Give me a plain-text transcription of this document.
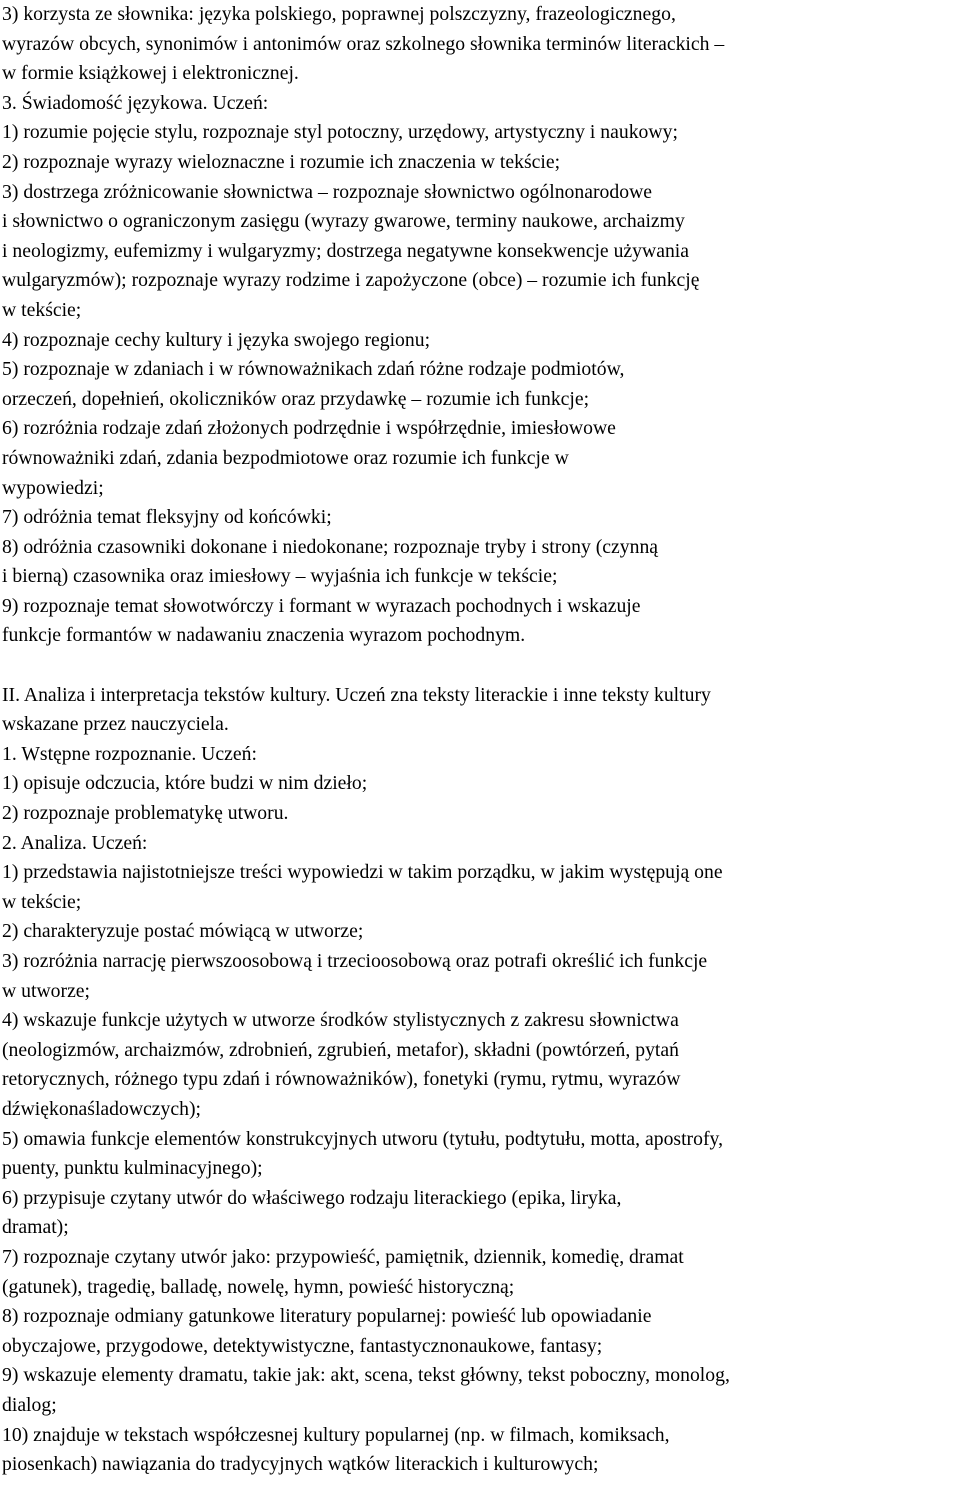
3) korzysta ze słownika: języka polskiego, poprawnej polszczyzny, frazeologicznego,
wyrazów obcych, synonimów i antonimów oraz szkolnego słownika terminów literackich –
w formie książkowej i elektronicznej.
3. Świadomość językowa. Uczeń:
1) rozumie pojęcie stylu, rozpoznaje styl potoczny, urzędowy, artystyczny i naukowy;
2) rozpoznaje wyrazy wieloznaczne i rozumie ich znaczenia w tekście;
3) dostrzega zróżnicowanie słownictwa – rozpoznaje słownictwo ogólnonarodowe
i słownictwo o ograniczonym zasięgu (wyrazy gwarowe, terminy naukowe, archaizmy
i neologizmy, eufemizmy i wulgaryzmy; dostrzega negatywne konsekwencje używania
wulgaryzmów); rozpoznaje wyrazy rodzime i zapożyczone (obce) – rozumie ich funkcję
w tekście;
4) rozpoznaje cechy kultury i języka swojego regionu;
5) rozpoznaje w zdaniach i w równoważnikach zdań różne rodzaje podmiotów,
orzeczeń, dopełnień, okoliczników oraz przydawkę – rozumie ich funkcje;
6) rozróżnia rodzaje zdań złożonych podrzędnie i współrzędnie, imiesłowowe
równoważniki zdań, zdania bezpodmiotowe oraz rozumie ich funkcje w
wypowiedzi;
7) odróżnia temat fleksyjny od końcówki;
8) odróżnia czasowniki dokonane i niedokonane; rozpoznaje tryby i strony (czynną
i bierną) czasownika oraz imiesłowy – wyjaśnia ich funkcje w tekście;
9) rozpoznaje temat słowotwórczy i formant w wyrazach pochodnych i wskazuje
funkcje formantów w nadawaniu znaczenia wyrazom pochodnym.
II. Analiza i interpretacja tekstów kultury. Uczeń zna teksty literackie i inne teksty kultury
wskazane przez nauczyciela.
1. Wstępne rozpoznanie. Uczeń:
1) opisuje odczucia, które budzi w nim dzieło;
2) rozpoznaje problematykę utworu.
2. Analiza. Uczeń:
1) przedstawia najistotniejsze treści wypowiedzi w takim porządku, w jakim występują one
w tekście;
2) charakteryzuje postać mówiącą w utworze;
3) rozróżnia narrację pierwszoosobową i trzecioosobową oraz potrafi określić ich funkcje
w utworze;
4) wskazuje funkcje użytych w utworze środków stylistycznych z zakresu słownictwa
(neologizmów, archaizmów, zdrobnień, zgrubień, metafor), składni (powtórzeń, pytań
retorycznych, różnego typu zdań i równoważników), fonetyki (rymu, rytmu, wyrazów
dźwiękonaśladowczych);
5) omawia funkcje elementów konstrukcyjnych utworu (tytułu, podtytułu, motta, apostrofy,
puenty, punktu kulminacyjnego);
6) przypisuje czytany utwór do właściwego rodzaju literackiego (epika, liryka,
dramat);
7) rozpoznaje czytany utwór jako: przypowieść, pamiętnik, dziennik, komedię, dramat
(gatunek), tragedię, balladę, nowelę, hymn, powieść historyczną;
8) rozpoznaje odmiany gatunkowe literatury popularnej: powieść lub opowiadanie
obyczajowe, przygodowe, detektywistyczne, fantastycznonaukowe, fantasy;
9) wskazuje elementy dramatu, takie jak: akt, scena, tekst główny, tekst poboczny, monolog,
dialog;
10) znajduje w tekstach współczesnej kultury popularnej (np. w filmach, komiksach,
piosenkach) nawiązania do tradycyjnych wątków literackich i kulturowych;
